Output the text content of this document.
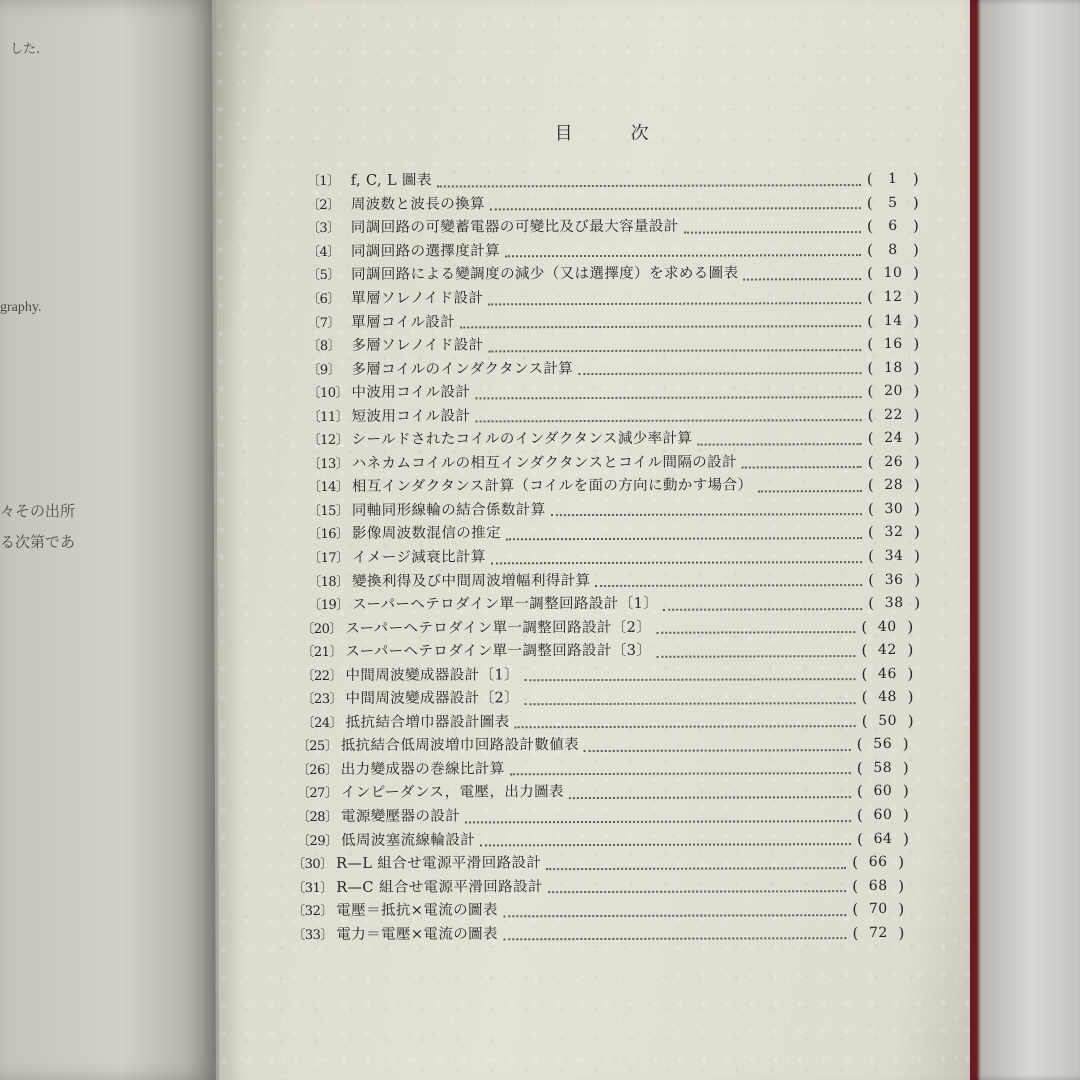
した.
graphy.
々その出所
る次第であ
目次
〔1〕 f, C, L 圖表	(	1	)
〔2〕 周波数と波長の換算	(	5	)
〔3〕 同調回路の可變蓄電器の可變比及び最大容量設計	(	6	)
〔4〕 同調回路の選擇度計算	(	8	)
〔5〕 同調回路による變調度の減少（又は選擇度）を求める圖表	( 10 )
〔6〕 單層ソレノイド設計	( 12 )
〔7〕 單層コイル設計	( 14 )
〔8〕 多層ソレノイド設計	( 16 )
〔9〕 多層コイルのインダクタンス計算	( 18 )
〔10〕 中波用コイル設計	( 20 )
〔11〕 短波用コイル設計	( 22 )
〔12〕 シールドされたコイルのインダクタンス減少率計算	( 24 )
〔13〕 ハネカムコイルの相互インダクタンスとコイル間隔の設計	( 26 )
〔14〕 相互インダクタンス計算（コイルを面の方向に動かす場合）	( 28 )
〔15〕 同軸同形線輪の結合係数計算	( 30 )
〔16〕 影像周波数混信の推定	( 32 )
〔17〕 イメージ減衰比計算	( 34 )
〔18〕 變換利得及び中間周波増幅利得計算	( 36 )
〔19〕 スーパーヘテロダイン單一調整回路設計〔1〕	( 38 )
〔20〕 スーパーヘテロダイン單一調整回路設計〔2〕	( 40 )
〔21〕 スーパーヘテロダイン單一調整回路設計〔3〕	( 42 )
〔22〕 中間周波變成器設計〔1〕	( 46 )
〔23〕 中間周波變成器設計〔2〕	( 48 )
〔24〕 抵抗結合増巾器設計圖表	( 50 )
〔25〕 抵抗結合低周波増巾回路設計數値表	( 56 )
〔26〕 出力變成器の巻線比計算	( 58 )
〔27〕 インピーダンス，電壓，出力圖表	( 60 )
〔28〕 電源變壓器の設計	( 60 )
〔29〕 低周波塞流線輪設計	( 64 )
〔30〕 R—L 組合せ電源平滑回路設計	( 66 )
〔31〕 R—C 組合せ電源平滑回路設計	( 68 )
〔32〕 電壓＝抵抗×電流の圖表	( 70 )
〔33〕 電力＝電壓×電流の圖表	( 72 )
